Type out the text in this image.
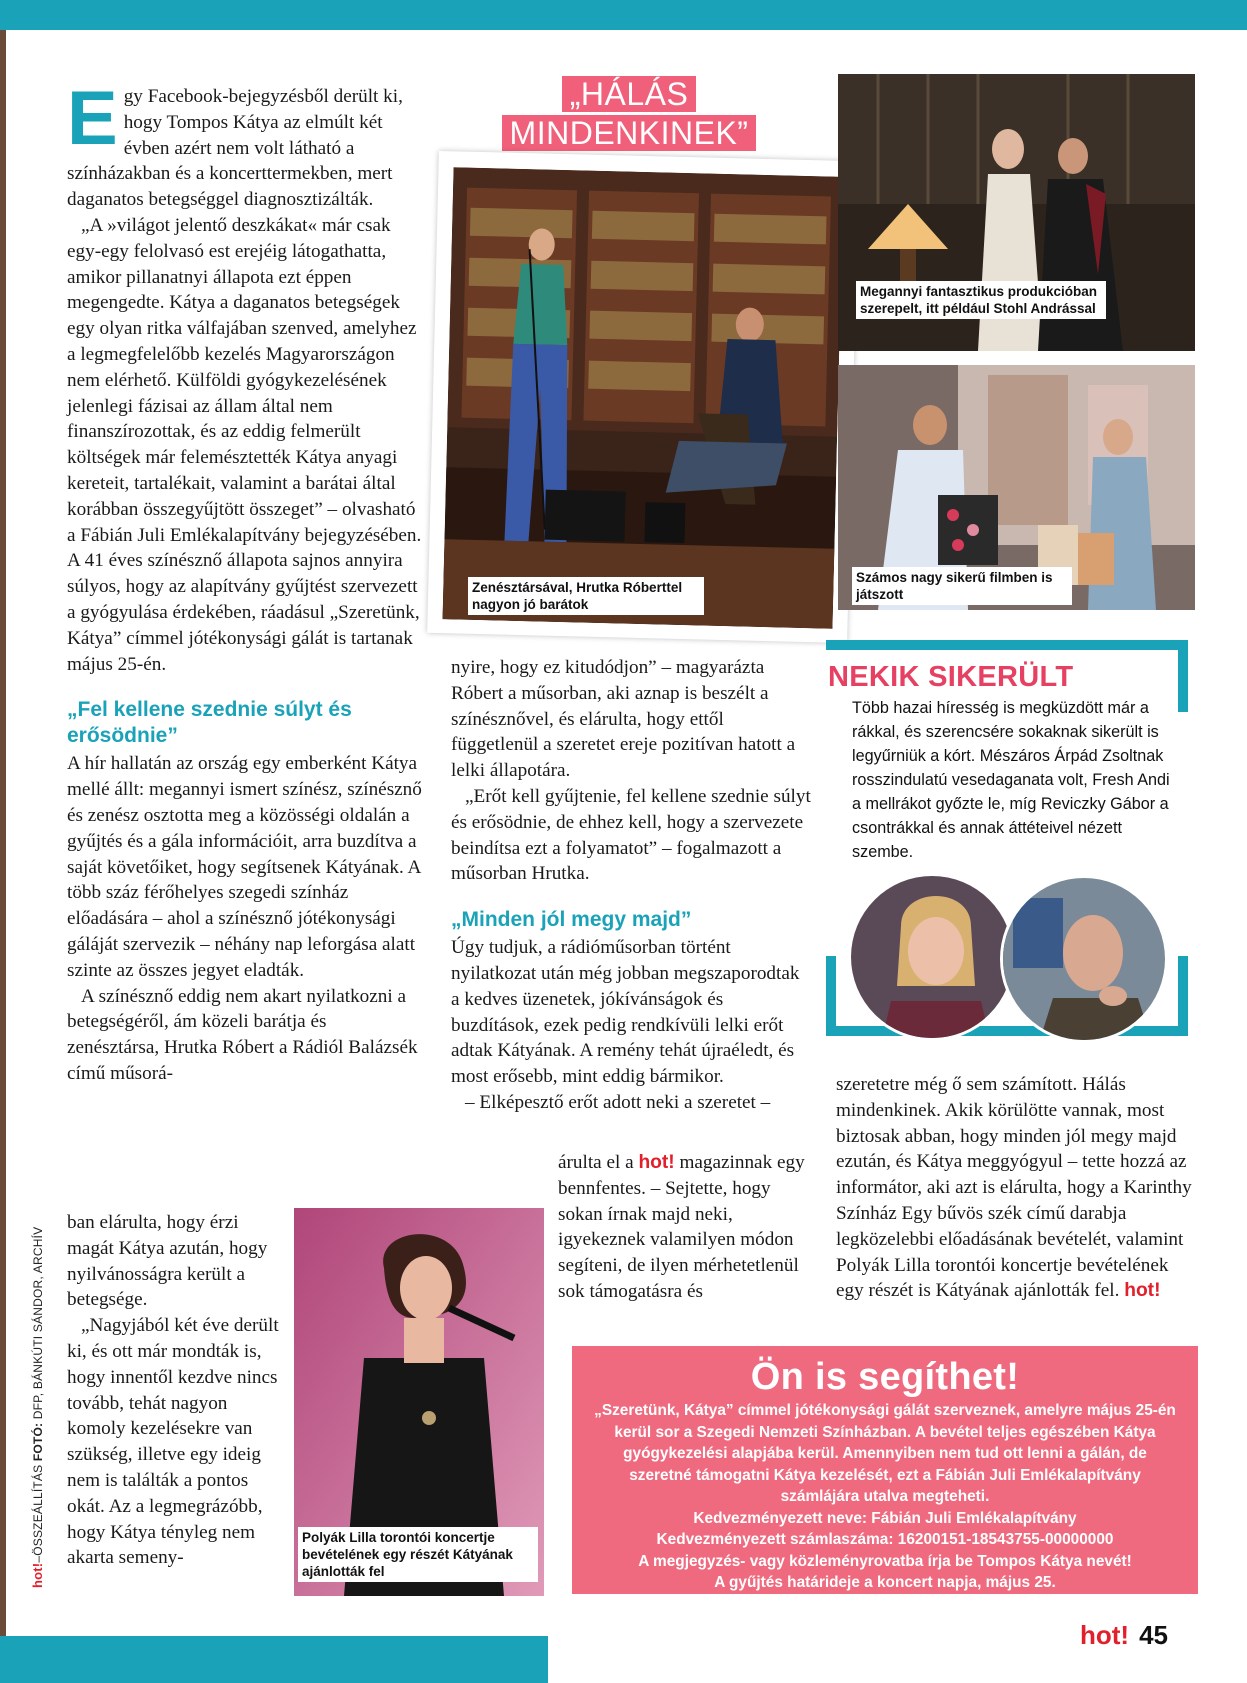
hot!–ÖSSZEÁLLÍTÁS FOTÓ: DFP, BÁNKÚTI SÁNDOR, ARCHÍV

Egy Facebook-bejegyzésből derült ki, hogy Tompos Kátya az elmúlt két évben azért nem volt látható a színházakban és a koncerttermekben, mert daganatos betegséggel diagnosztizálták.

„A »világot jelentő deszkákat« már csak egy-egy felolvasó est erejéig látogathatta, amikor pillanatnyi állapota ezt éppen megengedte. Kátya a daganatos betegségek egy olyan ritka válfajában szenved, amelyhez a legmegfelelőbb kezelés Magyarországon nem elérhető. Külföldi gyógykezelésének jelenlegi fázisai az állam által nem finanszírozottak, és az eddig felmerült költségek már felemésztették Kátya anyagi kereteit, tartalékait, valamint a barátai által korábban összegyűjtött összeget” – olvasható a Fábián Juli Emlékalapítvány bejegyzésében. A 41 éves színésznő állapota sajnos annyira súlyos, hogy az alapítvány gyűjtést szervezett a gyógyulása érdekében, ráadásul „Szeretünk, Kátya” címmel jótékonysági gálát is tartanak május 25-én.

„Fel kellene szednie súlyt és erősödnie”

A hír hallatán az ország egy emberként Kátya mellé állt: megannyi ismert színész, színésznő és zenész osztotta meg a közösségi oldalán a gyűjtés és a gála információit, arra buzdítva a saját követőiket, hogy segítsenek Kátyának. A több száz férőhelyes szegedi színház előadására – ahol a színésznő jótékonysági gáláját szervezik – néhány nap leforgása alatt szinte az összes jegyet eladták.

A színésznő eddig nem akart nyilatkozni a betegségéről, ám közeli barátja és zenésztársa, Hrutka Róbert a Rádiól Balázsék című műsorá-

ban elárulta, hogy érzi magát Kátya azután, hogy nyilvánosságra került a betegsége.

„Nagyjából két éve derült ki, és ott már mondták is, hogy innentől kezdve nincs tovább, tehát nagyon komoly kezelésekre van szükség, illetve egy ideig nem is találták a pontos okát. Az a legmegrázóbb, hogy Kátya tényleg nem akarta semeny-

„HÁLÁS
MINDENKINEK”
Zenésztársával, Hrutka Róberttel nagyon jó barátok
Megannyi fantasztikus produkcióban szerepelt, itt például Stohl Andrással
Számos nagy sikerű filmben is játszott

nyire, hogy ez kitudódjon” – magyarázta Róbert a műsorban, aki aznap is beszélt a színésznővel, és elárulta, hogy ettől függetlenül a szeretet ereje pozitívan hatott a lelki állapotára.

„Erőt kell gyűjtenie, fel kellene szednie súlyt és erősödnie, de ehhez kell, hogy a szervezete beindítsa ezt a folyamatot” – fogalmazott a műsorban Hrutka.

„Minden jól megy majd”

Úgy tudjuk, a rádióműsorban történt nyilatkozat után még jobban megszaporodtak a kedves üzenetek, jókívánságok és buzdítások, ezek pedig rendkívüli lelki erőt adtak Kátyának. A remény tehát újraéledt, és most erősebb, mint eddig bármikor.

– Elképesztő erőt adott neki a szeretet –

árulta el a hot! magazinnak egy bennfentes. – Sejtette, hogy sokan írnak majd neki, igyekeznek valamilyen módon segíteni, de ilyen mérhetetlenül sok támogatásra és

Polyák Lilla torontói koncertje bevételének egy részét Kátyának ajánlották fel
NEKIK SIKERÜLT
Több hazai híresség is megküzdött már a rákkal, és szerencsére sokaknak sikerült is legyűrniük a kórt. Mészáros Árpád Zsoltnak rosszindulatú vesedaganata volt, Fresh Andi a mellrákot győzte le, míg Reviczky Gábor a csontrákkal és annak áttéteivel nézett szembe.

szeretetre még ő sem számított. Hálás mindenkinek. Akik körülötte vannak, most biztosak abban, hogy minden jól megy majd ezután, és Kátya meggyógyul – tette hozzá az informátor, aki azt is elárulta, hogy a Karinthy Színház Egy bűvös szék című darabja legközelebbi előadásának bevételét, valamint Polyák Lilla torontói koncertje bevételének egy részét is Kátyának ajánlották fel. hot!

Ön is segíthet!
„Szeretünk, Kátya” címmel jótékonysági gálát szerveznek, amelyre május 25-én kerül sor a Szegedi Nemzeti Színházban. A bevétel teljes egészében Kátya gyógykezelési alapjába kerül. Amennyiben nem tud ott lenni a gálán, de szeretné támogatni Kátya kezelését, ezt a Fábián Juli Emlékalapítvány számlájára utalva megteheti.
Kedvezményezett neve: Fábián Juli Emlékalapítvány
Kedvezményezett számlaszáma: 16200151-18543755-00000000
A megjegyzés- vagy közleményrovatba írja be Tompos Kátya nevét!
A gyűjtés határideje a koncert napja, május 25.
hot! 45
